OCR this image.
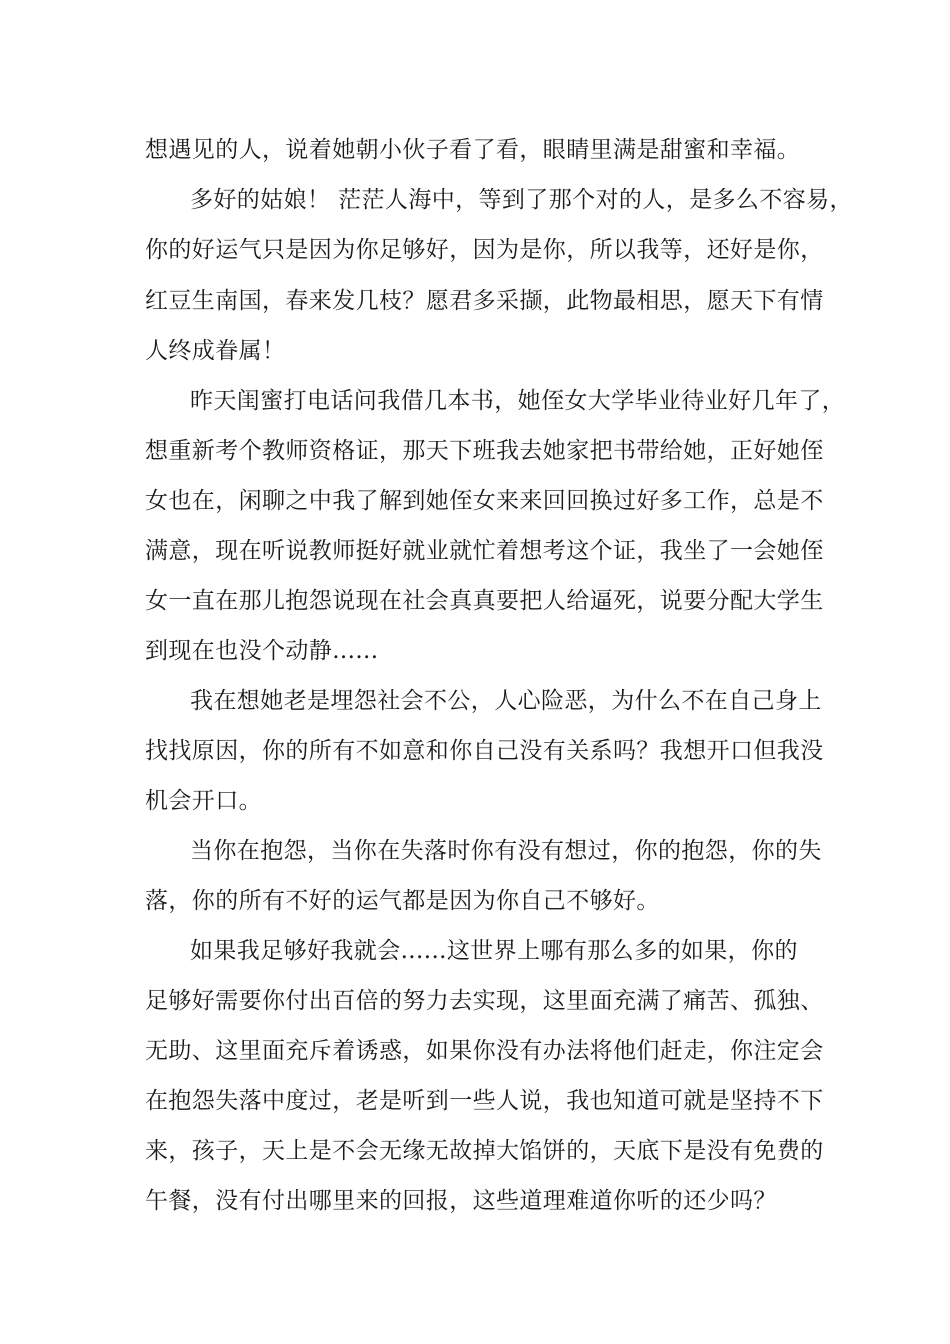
想遇见的人，说着她朝小伙子看了看，眼睛里满是甜蜜和幸福。

多好的姑娘！ 茫茫人海中，等到了那个对的人，是多么不容易，

你的好运气只是因为你足够好，因为是你，所以我等，还好是你，

红豆生南国，春来发几枝？愿君多采撷，此物最相思，愿天下有情

人终成眷属！

昨天闺蜜打电话问我借几本书，她侄女大学毕业待业好几年了，

想重新考个教师资格证，那天下班我去她家把书带给她，正好她侄

女也在，闲聊之中我了解到她侄女来来回回换过好多工作，总是不

满意，现在听说教师挺好就业就忙着想考这个证，我坐了一会她侄

女一直在那儿抱怨说现在社会真真要把人给逼死，说要分配大学生

到现在也没个动静......

我在想她老是埋怨社会不公，人心险恶，为什么不在自己身上

找找原因，你的所有不如意和你自己没有关系吗？我想开口但我没

机会开口。

当你在抱怨，当你在失落时你有没有想过，你的抱怨，你的失

落，你的所有不好的运气都是因为你自己不够好。

如果我足够好我就会......这世界上哪有那么多的如果，你的

足够好需要你付出百倍的努力去实现，这里面充满了痛苦、孤独、

无助、这里面充斥着诱惑，如果你没有办法将他们赶走，你注定会

在抱怨失落中度过，老是听到一些人说，我也知道可就是坚持不下

来，孩子，天上是不会无缘无故掉大馅饼的，天底下是没有免费的

午餐，没有付出哪里来的回报，这些道理难道你听的还少吗？
